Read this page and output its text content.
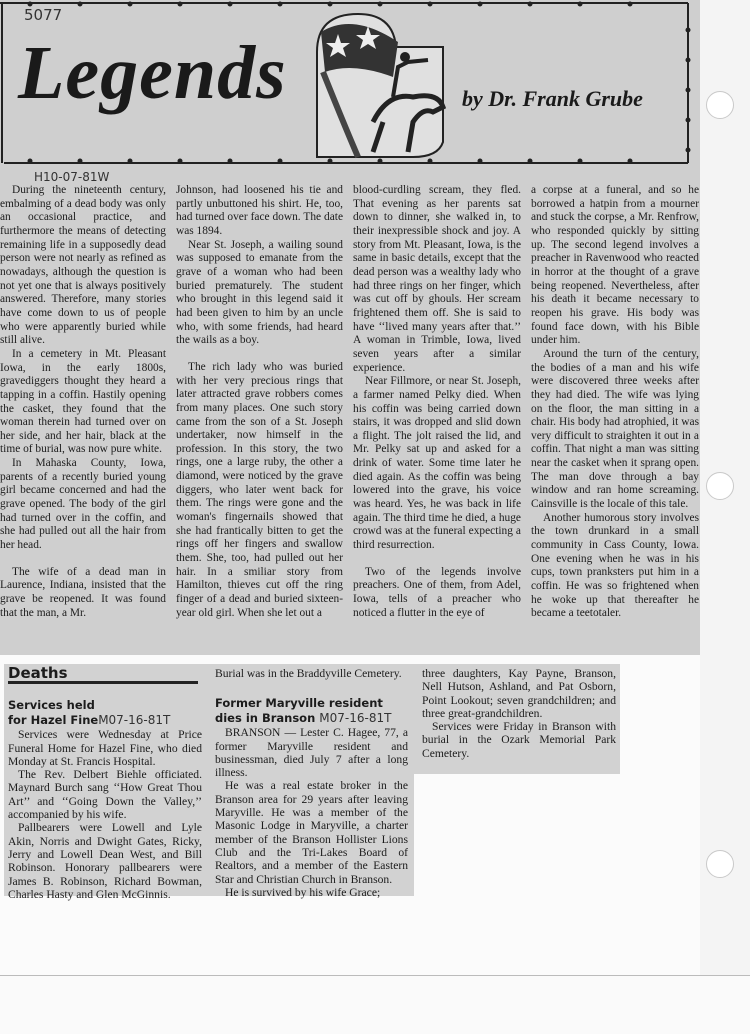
Legends	by Dr. Frank Grube
5077
H10-07-81W

During the nineteenth century, embalming of a dead body was only an occasional practice, and furthermore the means of detecting remaining life in a supposedly dead person were not nearly as refined as nowadays, although the question is not yet one that is always positively answered. Therefore, many stories have come down to us of people who were apparently buried while still alive.

In a cemetery in Mt. Pleasant Iowa, in the early 1800s, gravediggers thought they heard a tapping in a coffin. Hastily opening the casket, they found that the woman therein had turned over on her side, and her hair, black at the time of burial, was now pure white.

In Mahaska County, Iowa, parents of a recently buried young girl became concerned and had the grave opened. The body of the girl had turned over in the coffin, and she had pulled out all the hair from her head.

The wife of a dead man in Laurence, Indiana, insisted that the grave be reopened. It was found that the man, a Mr.

Johnson, had loosened his tie and partly unbuttoned his shirt. He, too, had turned over face down. The date was 1894.

Near St. Joseph, a wailing sound was supposed to emanate from the grave of a woman who had been buried prematurely. The student who brought in this legend said it had been given to him by an uncle who, with some friends, had heard the wails as a boy.

The rich lady who was buried with her very precious rings that later attracted grave robbers comes from many places. One such story came from the son of a St. Joseph undertaker, now himself in the profession. In this story, the two rings, one a large ruby, the other a diamond, were noticed by the grave diggers, who later went back for them. The rings were gone and the woman's fingernails showed that she had frantically bitten to get the rings off her fingers and swallow them. She, too, had pulled out her hair. In a smiliar story from Hamilton, thieves cut off the ring finger of a dead and buried sixteen-year old girl. When she let out a

blood-curdling scream, they fled. That evening as her parents sat down to dinner, she walked in, to their inexpressible shock and joy. A story from Mt. Pleasant, Iowa, is the same in basic details, except that the dead person was a wealthy lady who had three rings on her finger, which was cut off by ghouls. Her scream frightened them off. She is said to have ‘‘lived many years after that.’’ A woman in Trimble, Iowa, lived seven years after a similar experience.

Near Fillmore, or near St. Joseph, a farmer named Pelky died. When his coffin was being carried down stairs, it was dropped and slid down a flight. The jolt raised the lid, and Mr. Pelky sat up and asked for a drink of water. Some time later he died again. As the coffin was being lowered into the grave, his voice was heard. Yes, he was back in life again. The third time he died, a huge crowd was at the funeral expecting a third resurrection.

Two of the legends involve preachers. One of them, from Adel, Iowa, tells of a preacher who noticed a flutter in the eye of

a corpse at a funeral, and so he borrowed a hatpin from a mourner and stuck the corpse, a Mr. Renfrow, who responded quickly by sitting up. The second legend involves a preacher in Ravenwood who reacted in horror at the thought of a grave being reopened. Nevertheless, after his death it became necessary to reopen his grave. His body was found face down, with his Bible under him.

Around the turn of the century, the bodies of a man and his wife were discovered three weeks after they had died. The wife was lying on the floor, the man sitting in a chair. His body had atrophied, it was very difficult to straighten it out in a coffin. That night a man was sitting near the casket when it sprang open. The man dove through a bay window and ran home screaming. Cainsville is the locale of this tale.

Another humorous story involves the town drunkard in a small community in Cass County, Iowa. One evening when he was in his cups, town pranksters put him in a coffin. He was so frightened when he woke up that thereafter he became a teetotaler.

Deaths
Services held
for Hazel FineM07-16-81T

Services were Wednesday at Price Funeral Home for Hazel Fine, who died Monday at St. Francis Hospital.

The Rev. Delbert Biehle officiated. Maynard Burch sang ‘‘How Great Thou Art’’ and ‘‘Going Down the Valley,’’ accompanied by his wife.

Pallbearers were Lowell and Lyle Akin, Norris and Dwight Gates, Ricky, Jerry and Lowell Dean West, and Bill Robinson. Honorary pallbearers were James B. Robinson, Richard Bowman, Charles Hasty and Glen McGinnis.

Burial was in the Braddyville Cemetery.

Former Maryville resident
dies in Branson M07-16-81T

BRANSON — Lester C. Hagee, 77, a former Maryville resident and businessman, died July 7 after a long illness.

He was a real estate broker in the Branson area for 29 years after leaving Maryville. He was a member of the Masonic Lodge in Maryville, a charter member of the Branson Hollister Lions Club and the Tri-Lakes Board of Realtors, and a member of the Eastern Star and Christian Church in Branson.

He is survived by his wife Grace;

three daughters, Kay Payne, Branson, Nell Hutson, Ashland, and Pat Osborn, Point Lookout; seven grandchildren; and three great-grandchildren.

Services were Friday in Branson with burial in the Ozark Memorial Park Cemetery.
